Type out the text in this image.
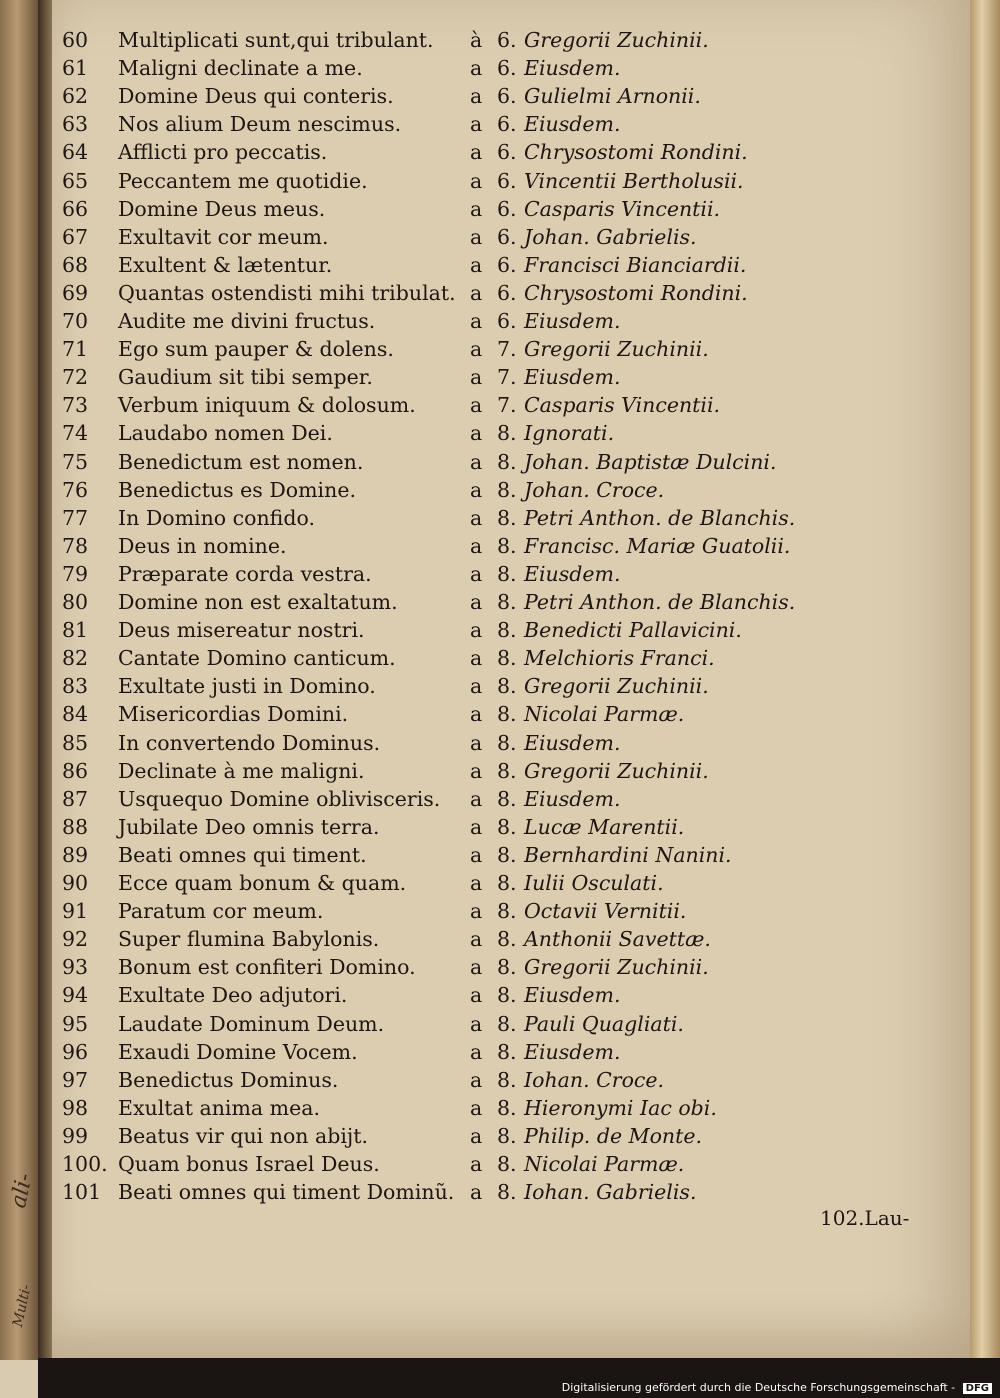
ali-
Multi-
60	Multiplicati sunt,qui tribulant. à 6. Gregorii Zuchinii.
61	Maligni declinate a me.	a 6. Eiusdem.
62	Domine Deus qui conteris.	a 6. Gulielmi Arnonii.
63	Nos alium Deum nescimus.	a 6. Eiusdem.
64	Afflicti pro peccatis.	a 6. Chrysostomi Rondini.
65	Peccantem me quotidie.	a 6. Vincentii Bertholusii.
66	Domine Deus meus.	a 6. Casparis Vincentii.
67	Exultavit cor meum.	a 6. Johan. Gabrielis.
68	Exultent & lætentur.	a 6. Francisci Bianciardii.
69	Quantas ostendisti mihi tribulat. a 6. Chrysostomi Rondini.
70	Audite me divini fructus.	a 6. Eiusdem.
71	Ego sum pauper & dolens.	a 7. Gregorii Zuchinii.
72	Gaudium sit tibi semper.	a 7. Eiusdem.
73	Verbum iniquum & dolosum.	a 7. Casparis Vincentii.
74	Laudabo nomen Dei.	a 8. Ignorati.
75	Benedictum est nomen.	a 8. Johan. Baptistæ Dulcini.
76	Benedictus es Domine.	a 8. Johan. Croce.
77	In Domino confido.	a 8. Petri Anthon. de Blanchis.
78	Deus in nomine.	a 8. Francisc. Mariæ Guatolii.
79	Præparate corda vestra.	a 8. Eiusdem.
80	Domine non est exaltatum.	a 8. Petri Anthon. de Blanchis.
81	Deus misereatur nostri.	a 8. Benedicti Pallavicini.
82	Cantate Domino canticum.	a 8. Melchioris Franci.
83	Exultate justi in Domino.	a 8. Gregorii Zuchinii.
84	Misericordias Domini.	a 8. Nicolai Parmæ.
85	In convertendo Dominus.	a 8. Eiusdem.
86	Declinate à me maligni.	a 8. Gregorii Zuchinii.
87	Usquequo Domine oblivisceris. a 8. Eiusdem.
88	Jubilate Deo omnis terra.	a 8. Lucæ Marentii.
89	Beati omnes qui timent.	a 8. Bernhardini Nanini.
90	Ecce quam bonum & quam.	a 8. Iulii Osculati.
91	Paratum cor meum.	a 8. Octavii Vernitii.
92	Super flumina Babylonis.	a 8. Anthonii Savettæ.
93	Bonum est confiteri Domino.	a 8. Gregorii Zuchinii.
94	Exultate Deo adjutori.	a 8. Eiusdem.
95	Laudate Dominum Deum.	a 8. Pauli Quagliati.
96	Exaudi Domine Vocem.	a 8. Eiusdem.
97	Benedictus Dominus.	a 8. Iohan. Croce.
98	Exultat anima mea.	a 8. Hieronymi Iac obi.
99	Beatus vir qui non abijt.	a 8. Philip. de Monte.
100. Quam bonus Israel Deus.	a 8. Nicolai Parmæ.
101 Beati omnes qui timent Dominũ. a 8. Iohan. Gabrielis.
102.Lau-
Digitalisierung gefördert durch die Deutsche Forschungsgemeinschaft - DFG
